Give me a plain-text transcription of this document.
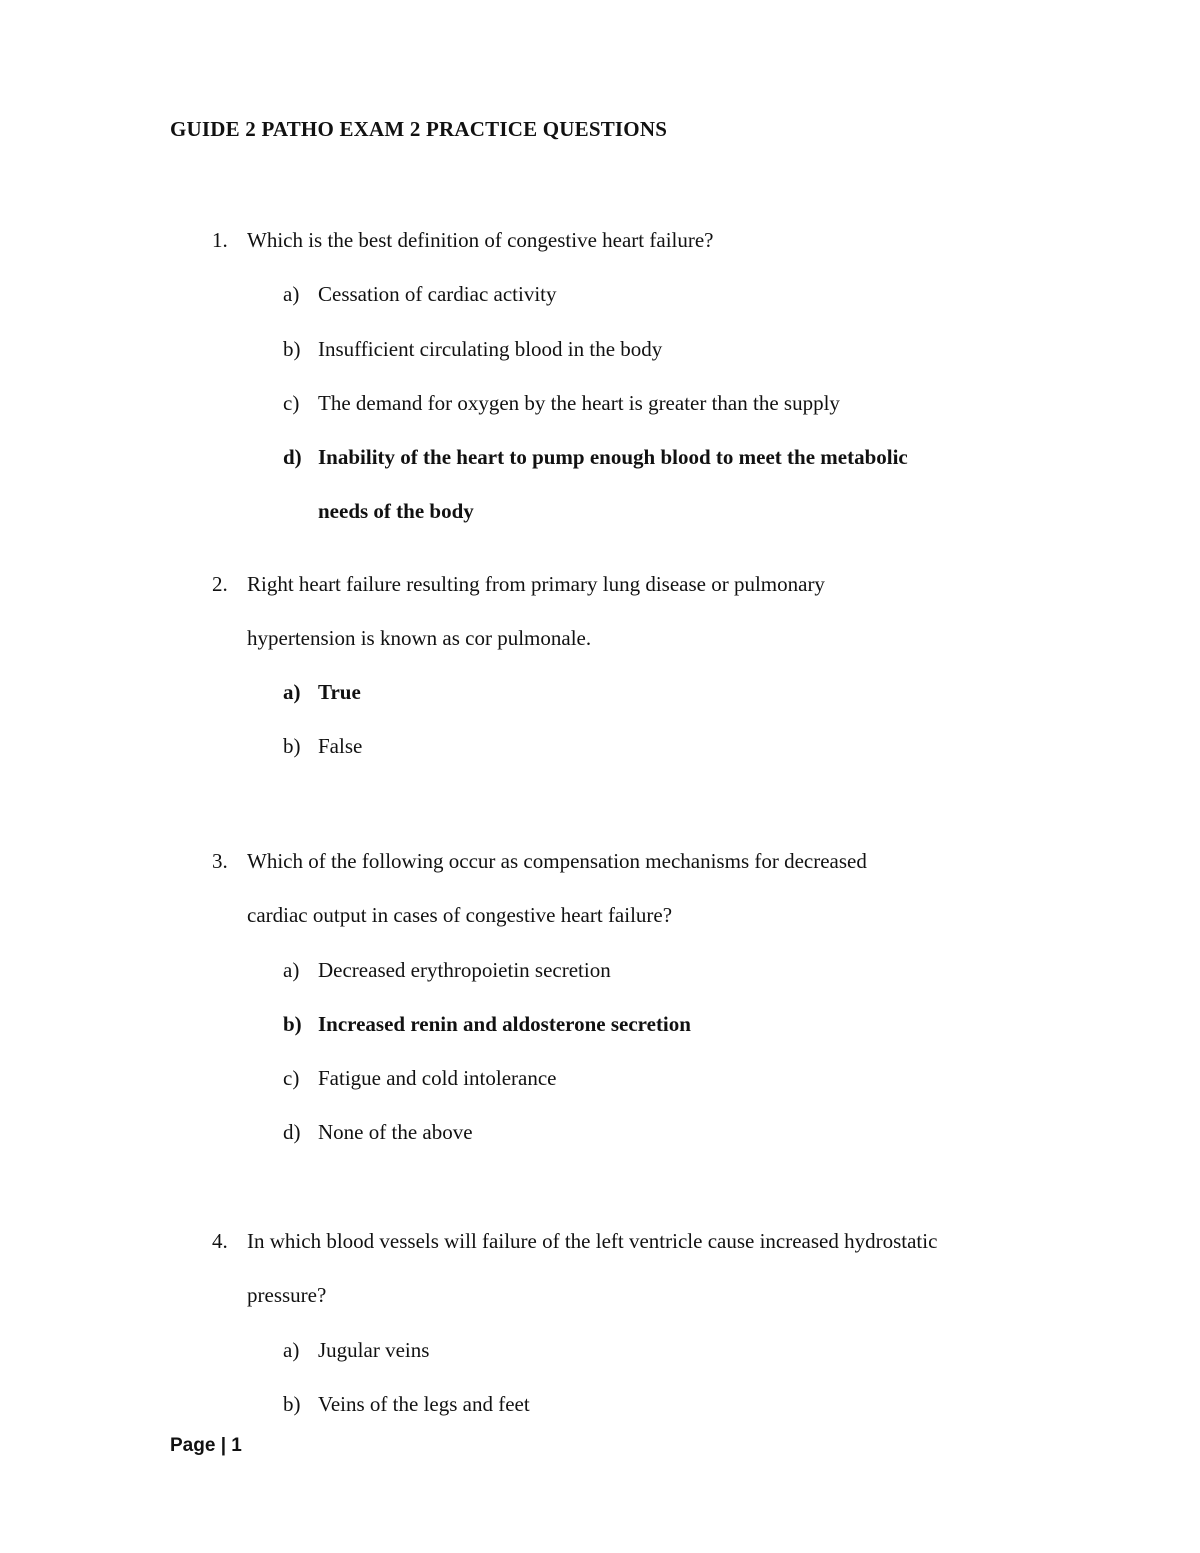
GUIDE 2 PATHO EXAM 2 PRACTICE QUESTIONS
1. Which is the best definition of congestive heart failure?
a) Cessation of cardiac activity
b) Insufficient circulating blood in the body
c) The demand for oxygen by the heart is greater than the supply
d) Inability of the heart to pump enough blood to meet the metabolic
needs of the body
2. Right heart failure resulting from primary lung disease or pulmonary
hypertension is known as cor pulmonale.
a) True
b) False
3. Which of the following occur as compensation mechanisms for decreased
cardiac output in cases of congestive heart failure?
a) Decreased erythropoietin secretion
b) Increased renin and aldosterone secretion
c) Fatigue and cold intolerance
d) None of the above
4. In which blood vessels will failure of the left ventricle cause increased hydrostatic
pressure?
a) Jugular veins
b) Veins of the legs and feet
Page | 1
